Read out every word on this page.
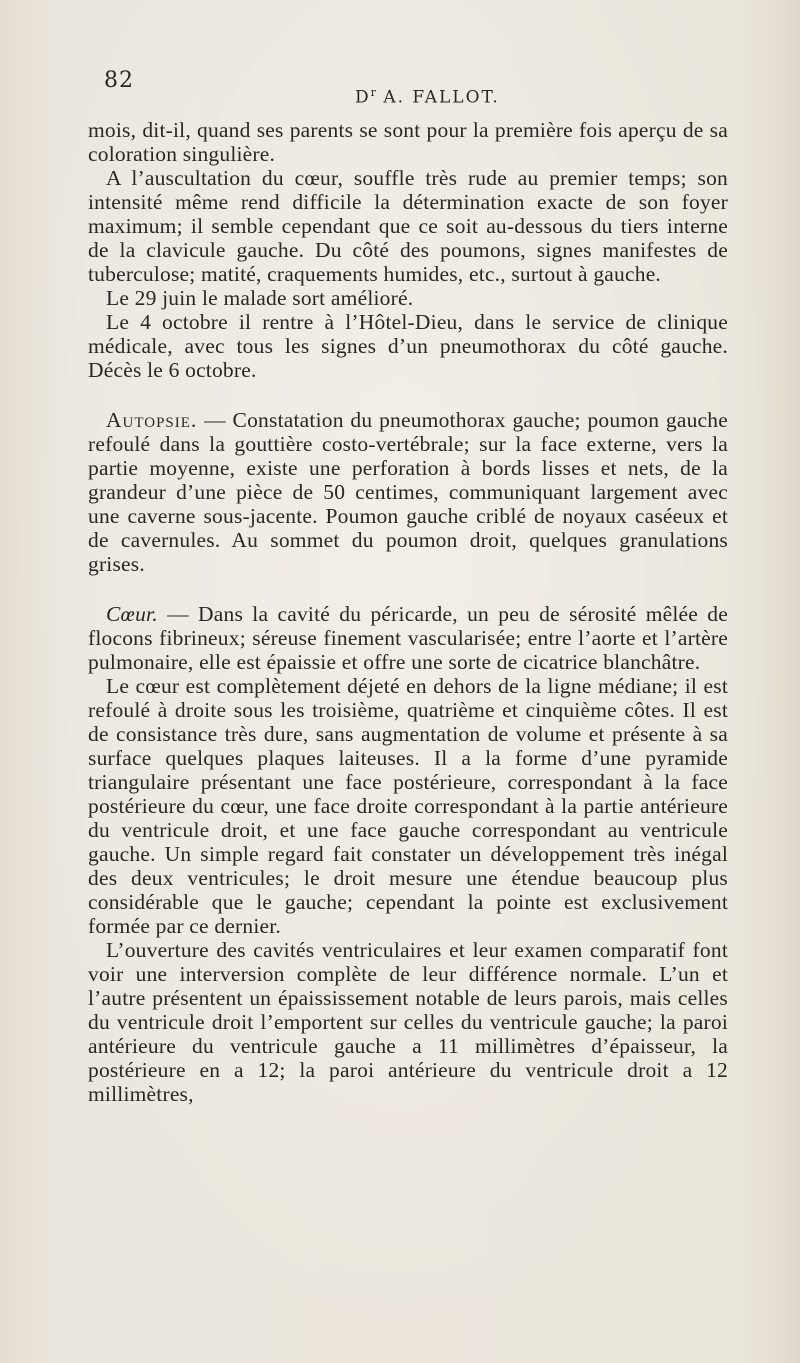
82
$D^r$ A. FALLOT.

mois, dit-il, quand ses parents se sont pour la première fois aperçu de sa coloration singulière.

A l’auscultation du cœur, souffle très rude au premier temps; son intensité même rend difficile la détermination exacte de son foyer maximum; il semble cependant que ce soit au-dessous du tiers interne de la clavicule gauche. Du côté des poumons, signes manifestes de tuberculose; matité, craquements humides, etc., surtout à gauche.

Le 29 juin le malade sort amélioré.

Le 4 octobre il rentre à l’Hôtel-Dieu, dans le service de clinique médicale, avec tous les signes d’un pneumothorax du côté gauche. Décès le 6 octobre.

Autopsie. — Constatation du pneumothorax gauche; poumon gauche refoulé dans la gouttière costo-vertébrale; sur la face externe, vers la partie moyenne, existe une perforation à bords lisses et nets, de la grandeur d’une pièce de 50 centimes, communiquant largement avec une caverne sous-jacente. Poumon gauche criblé de noyaux caséeux et de cavernules. Au sommet du poumon droit, quelques granulations grises.

Cœur. — Dans la cavité du péricarde, un peu de sérosité mêlée de flocons fibrineux; séreuse finement vascularisée; entre l’aorte et l’artère pulmonaire, elle est épaissie et offre une sorte de cicatrice blanchâtre.

Le cœur est complètement déjeté en dehors de la ligne médiane; il est refoulé à droite sous les troisième, quatrième et cinquième côtes. Il est de consistance très dure, sans augmentation de volume et présente à sa surface quelques plaques laiteuses. Il a la forme d’une pyramide triangulaire présentant une face postérieure, correspondant à la face postérieure du cœur, une face droite correspondant à la partie antérieure du ventricule droit, et une face gauche correspondant au ventricule gauche. Un simple regard fait constater un développement très inégal des deux ventricules; le droit mesure une étendue beaucoup plus considérable que le gauche; cependant la pointe est exclusivement formée par ce dernier.

L’ouverture des cavités ventriculaires et leur examen comparatif font voir une interversion complète de leur différence normale. L’un et l’autre présentent un épaississement notable de leurs parois, mais celles du ventricule droit l’emportent sur celles du ventricule gauche; la paroi antérieure du ventricule gauche a 11 millimètres d’épaisseur, la postérieure en a 12; la paroi antérieure du ventricule droit a 12 millimètres,
